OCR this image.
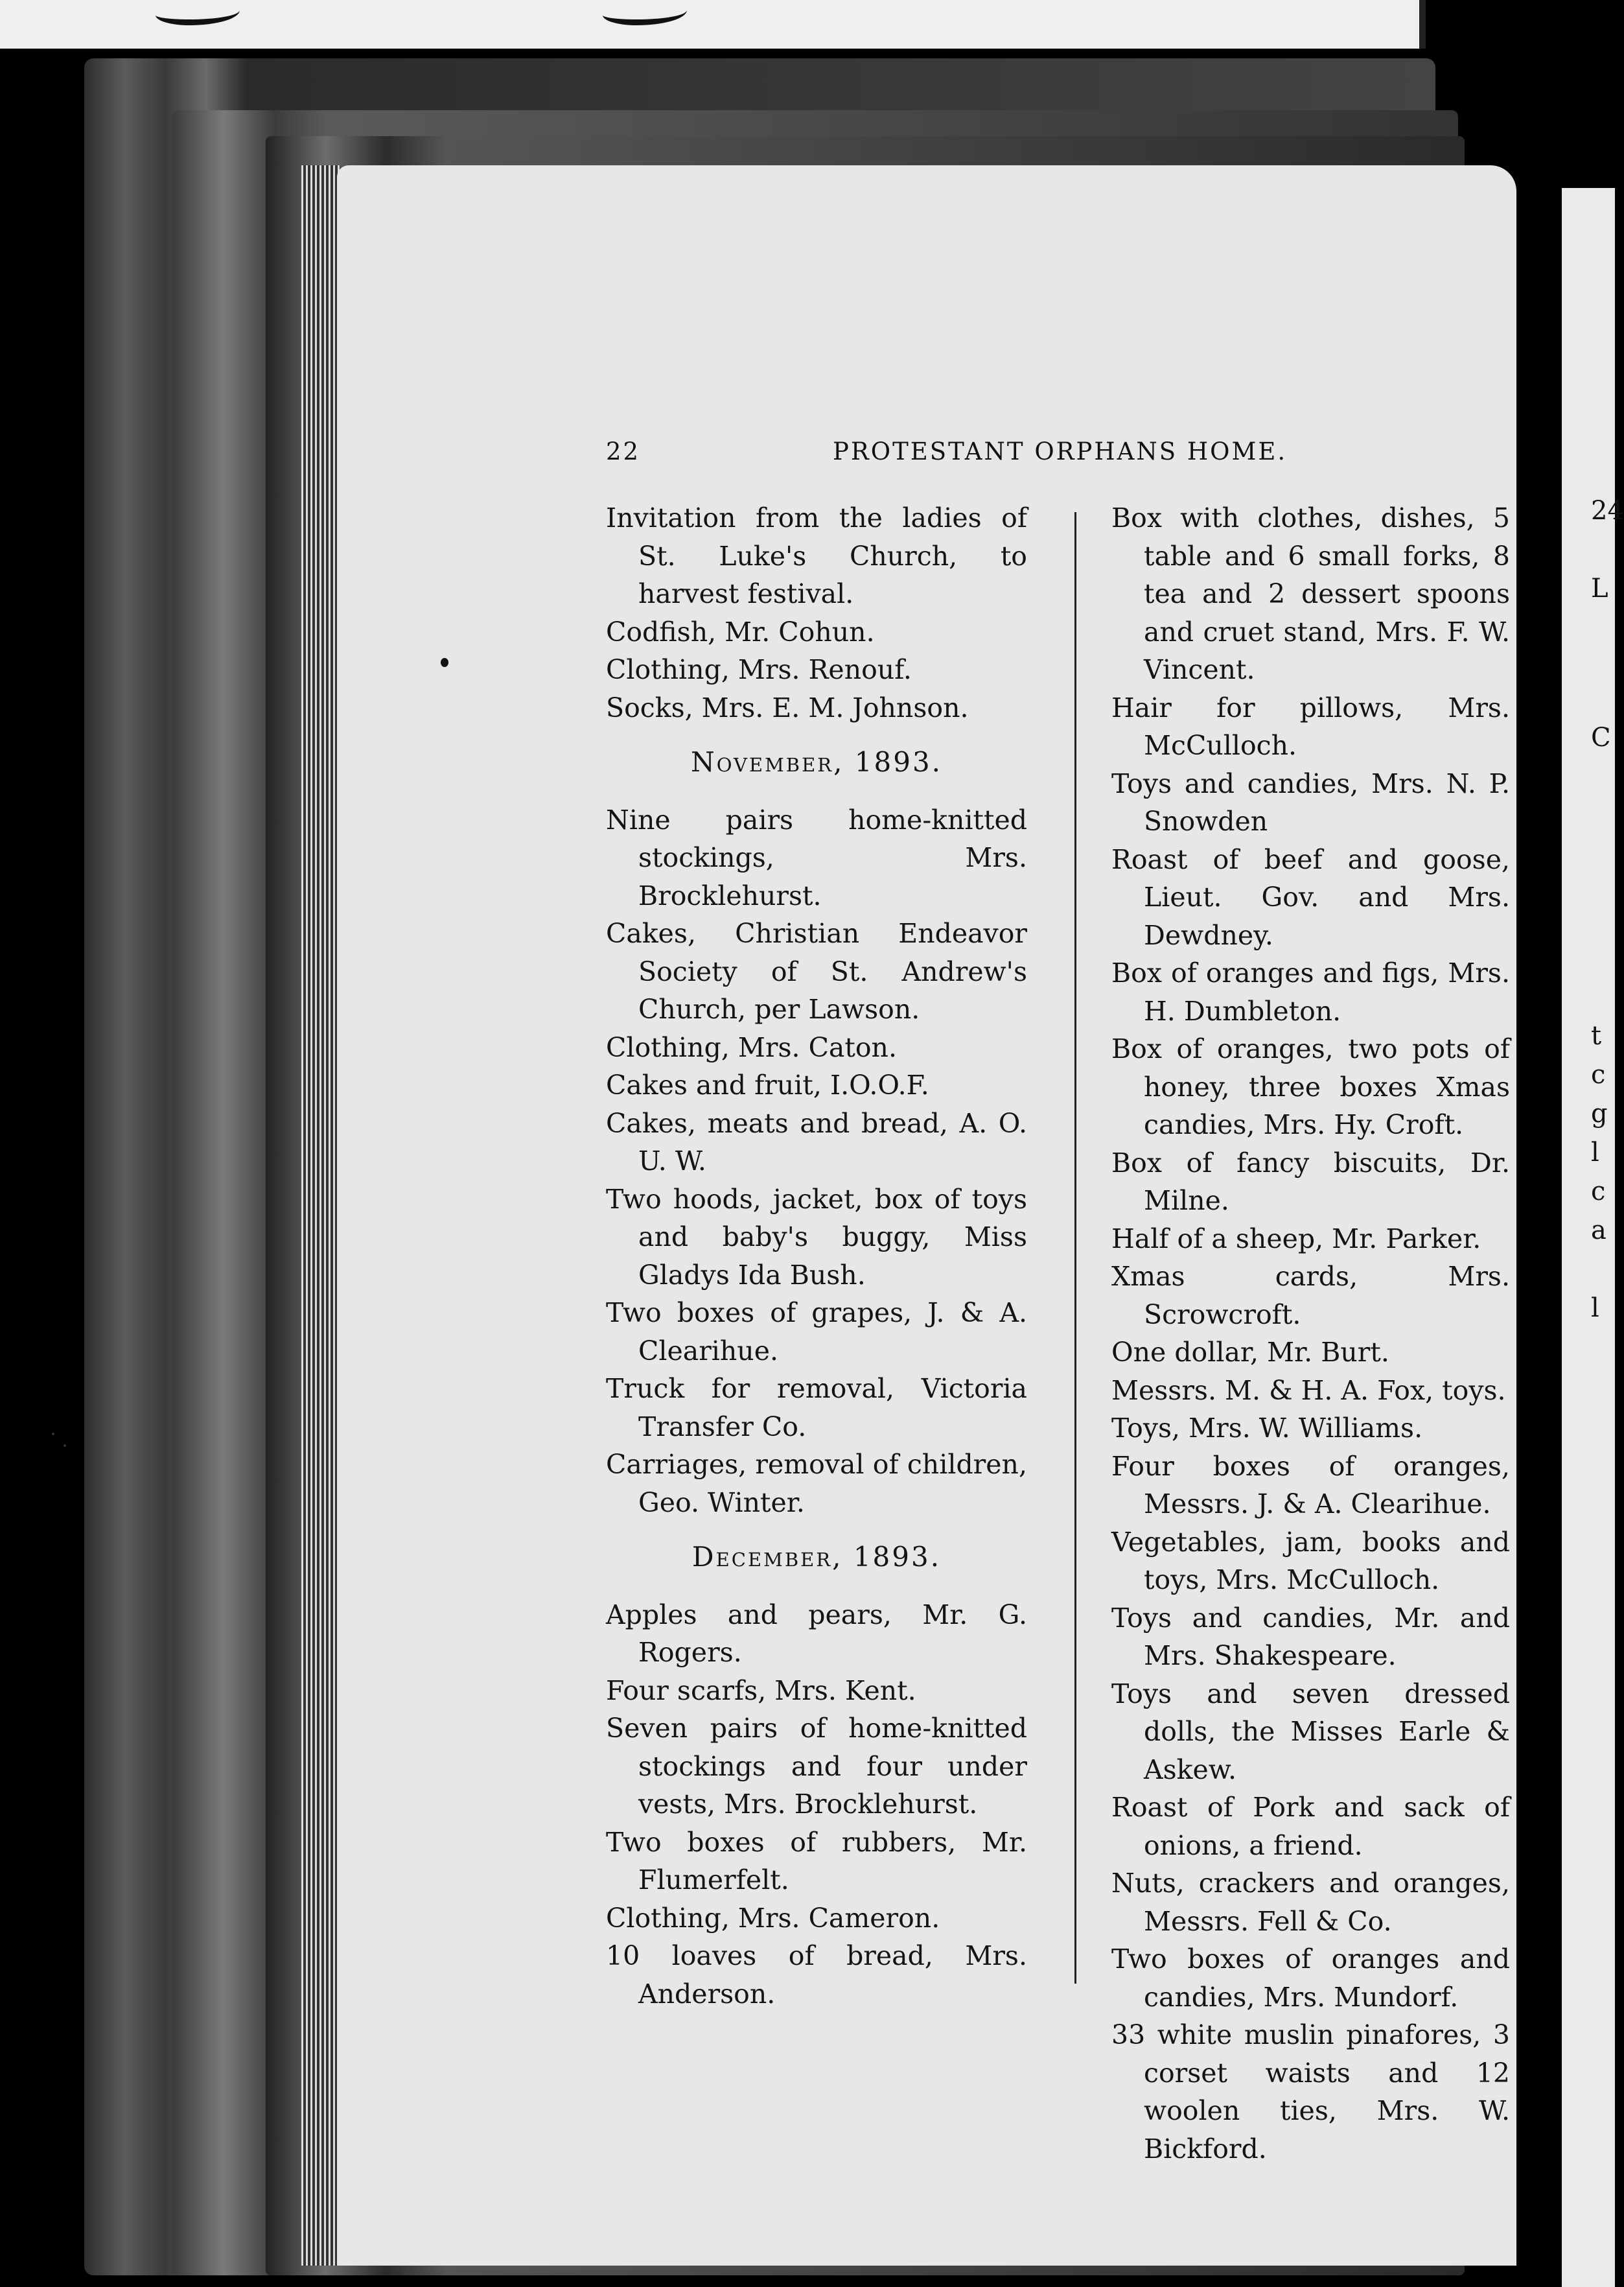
24
L
C
t
c
g
l
c
a
l
22	PROTESTANT ORPHANS HOME.

Invitation from the ladies of St. Luke's Church, to harvest festival.

Codfish, Mr. Cohun.

Clothing, Mrs. Renouf.

Socks, Mrs. E. M. Johnson.

November, 1893.

Nine pairs home-knitted stockings, Mrs. Brocklehurst.

Cakes, Christian Endeavor Society of St. Andrew's Church, per Lawson.

Clothing, Mrs. Caton.

Cakes and fruit, I.O.O.F.

Cakes, meats and bread, A. O. U. W.

Two hoods, jacket, box of toys and baby's buggy, Miss Gladys Ida Bush.

Two boxes of grapes, J. & A. Clearihue.

Truck for removal, Victoria Transfer Co.

Carriages, removal of children, Geo. Winter.

December, 1893.

Apples and pears, Mr. G. Rogers.

Four scarfs, Mrs. Kent.

Seven pairs of home-knitted stockings and four under vests, Mrs. Brocklehurst.

Two boxes of rubbers, Mr. Flumerfelt.

Clothing, Mrs. Cameron.

10 loaves of bread, Mrs. Anderson.

Box with clothes, dishes, 5 table and 6 small forks, 8 tea and 2 dessert spoons and cruet stand, Mrs. F. W. Vincent.

Hair for pillows, Mrs. McCulloch.

Toys and candies, Mrs. N. P. Snowden

Roast of beef and goose, Lieut. Gov. and Mrs. Dewdney.

Box of oranges and figs, Mrs. H. Dumbleton.

Box of oranges, two pots of honey, three boxes Xmas candies, Mrs. Hy. Croft.

Box of fancy biscuits, Dr. Milne.

Half of a sheep, Mr. Parker.

Xmas cards, Mrs. Scrowcroft.

One dollar, Mr. Burt.

Messrs. M. & H. A. Fox, toys.

Toys, Mrs. W. Williams.

Four boxes of oranges, Messrs. J. & A. Clearihue.

Vegetables, jam, books and toys, Mrs. McCulloch.

Toys and candies, Mr. and Mrs. Shakespeare.

Toys and seven dressed dolls, the Misses Earle & Askew.

Roast of Pork and sack of onions, a friend.

Nuts, crackers and oranges, Messrs. Fell & Co.

Two boxes of oranges and candies, Mrs. Mundorf.

33 white muslin pinafores, 3 corset waists and 12 woolen ties, Mrs. W. Bickford.
